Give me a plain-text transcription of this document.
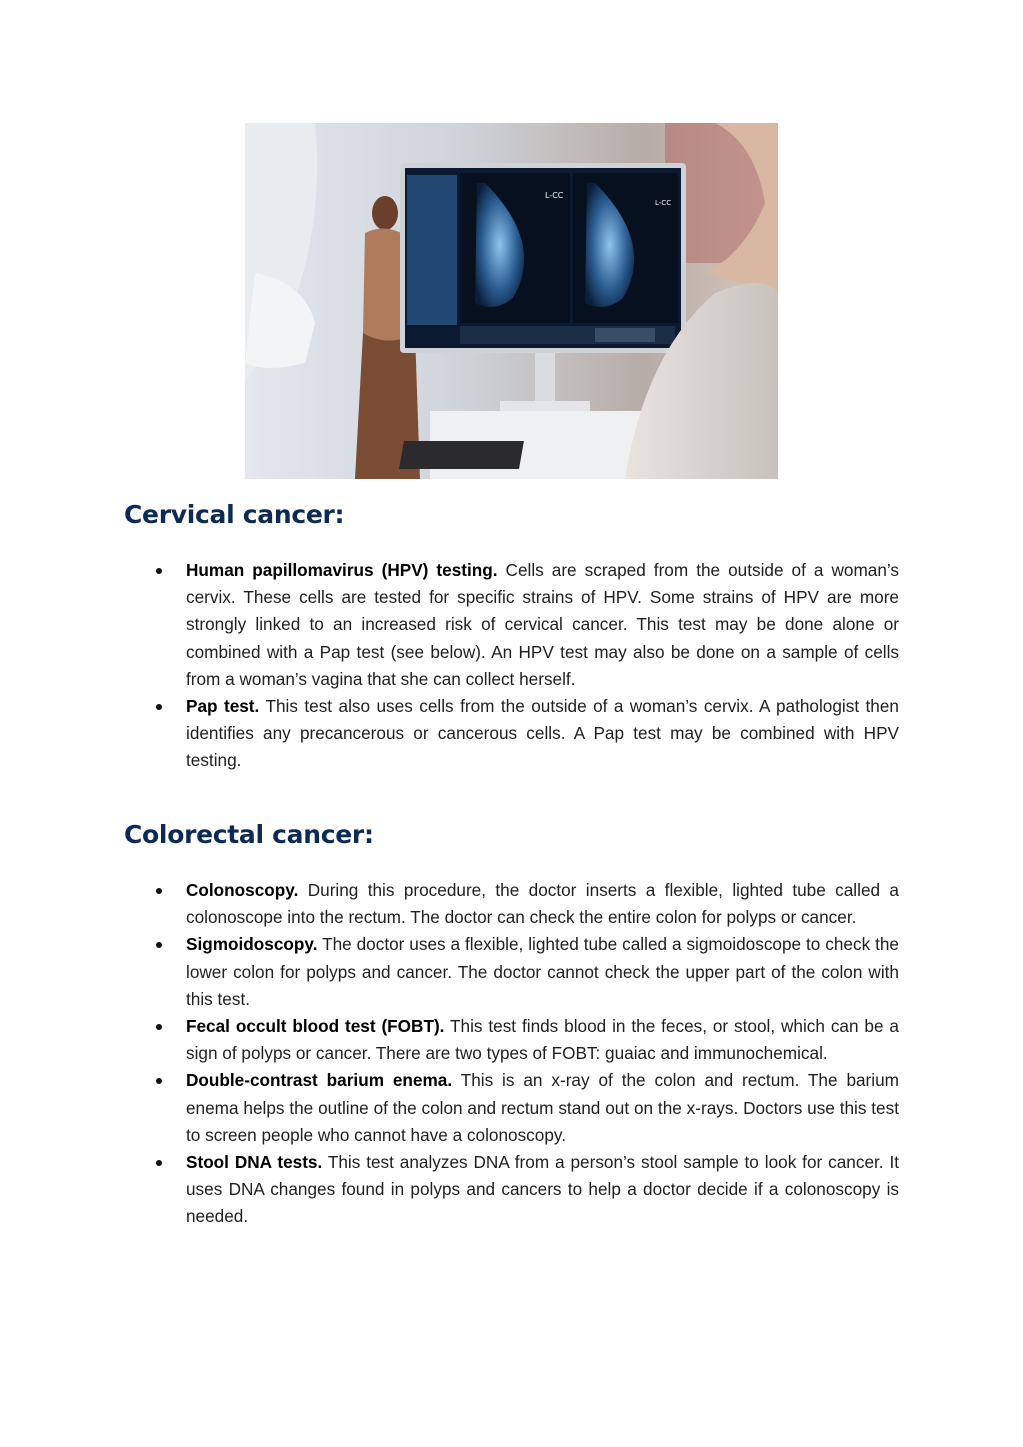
L-CC
L-CC
Cervical cancer:
Human papillomavirus (HPV) testing. Cells are scraped from the outside of a woman’s cervix. These cells are tested for specific strains of HPV. Some strains of HPV are more strongly linked to an increased risk of cervical cancer. This test may be done alone or combined with a Pap test (see below). An HPV test may also be done on a sample of cells from a woman’s vagina that she can collect herself.
Pap test. This test also uses cells from the outside of a woman’s cervix. A pathologist then identifies any precancerous or cancerous cells. A Pap test may be combined with HPV testing.
Colorectal cancer:
Colonoscopy. During this procedure, the doctor inserts a flexible, lighted tube called a colonoscope into the rectum. The doctor can check the entire colon for polyps or cancer.
Sigmoidoscopy. The doctor uses a flexible, lighted tube called a sigmoidoscope to check the lower colon for polyps and cancer. The doctor cannot check the upper part of the colon with this test.
Fecal occult blood test (FOBT). This test finds blood in the feces, or stool, which can be a sign of polyps or cancer. There are two types of FOBT: guaiac and immunochemical.
Double-contrast barium enema. This is an x-ray of the colon and rectum. The barium enema helps the outline of the colon and rectum stand out on the x-rays. Doctors use this test to screen people who cannot have a colonoscopy.
Stool DNA tests. This test analyzes DNA from a person’s stool sample to look for cancer. It uses DNA changes found in polyps and cancers to help a doctor decide if a colonoscopy is needed.
